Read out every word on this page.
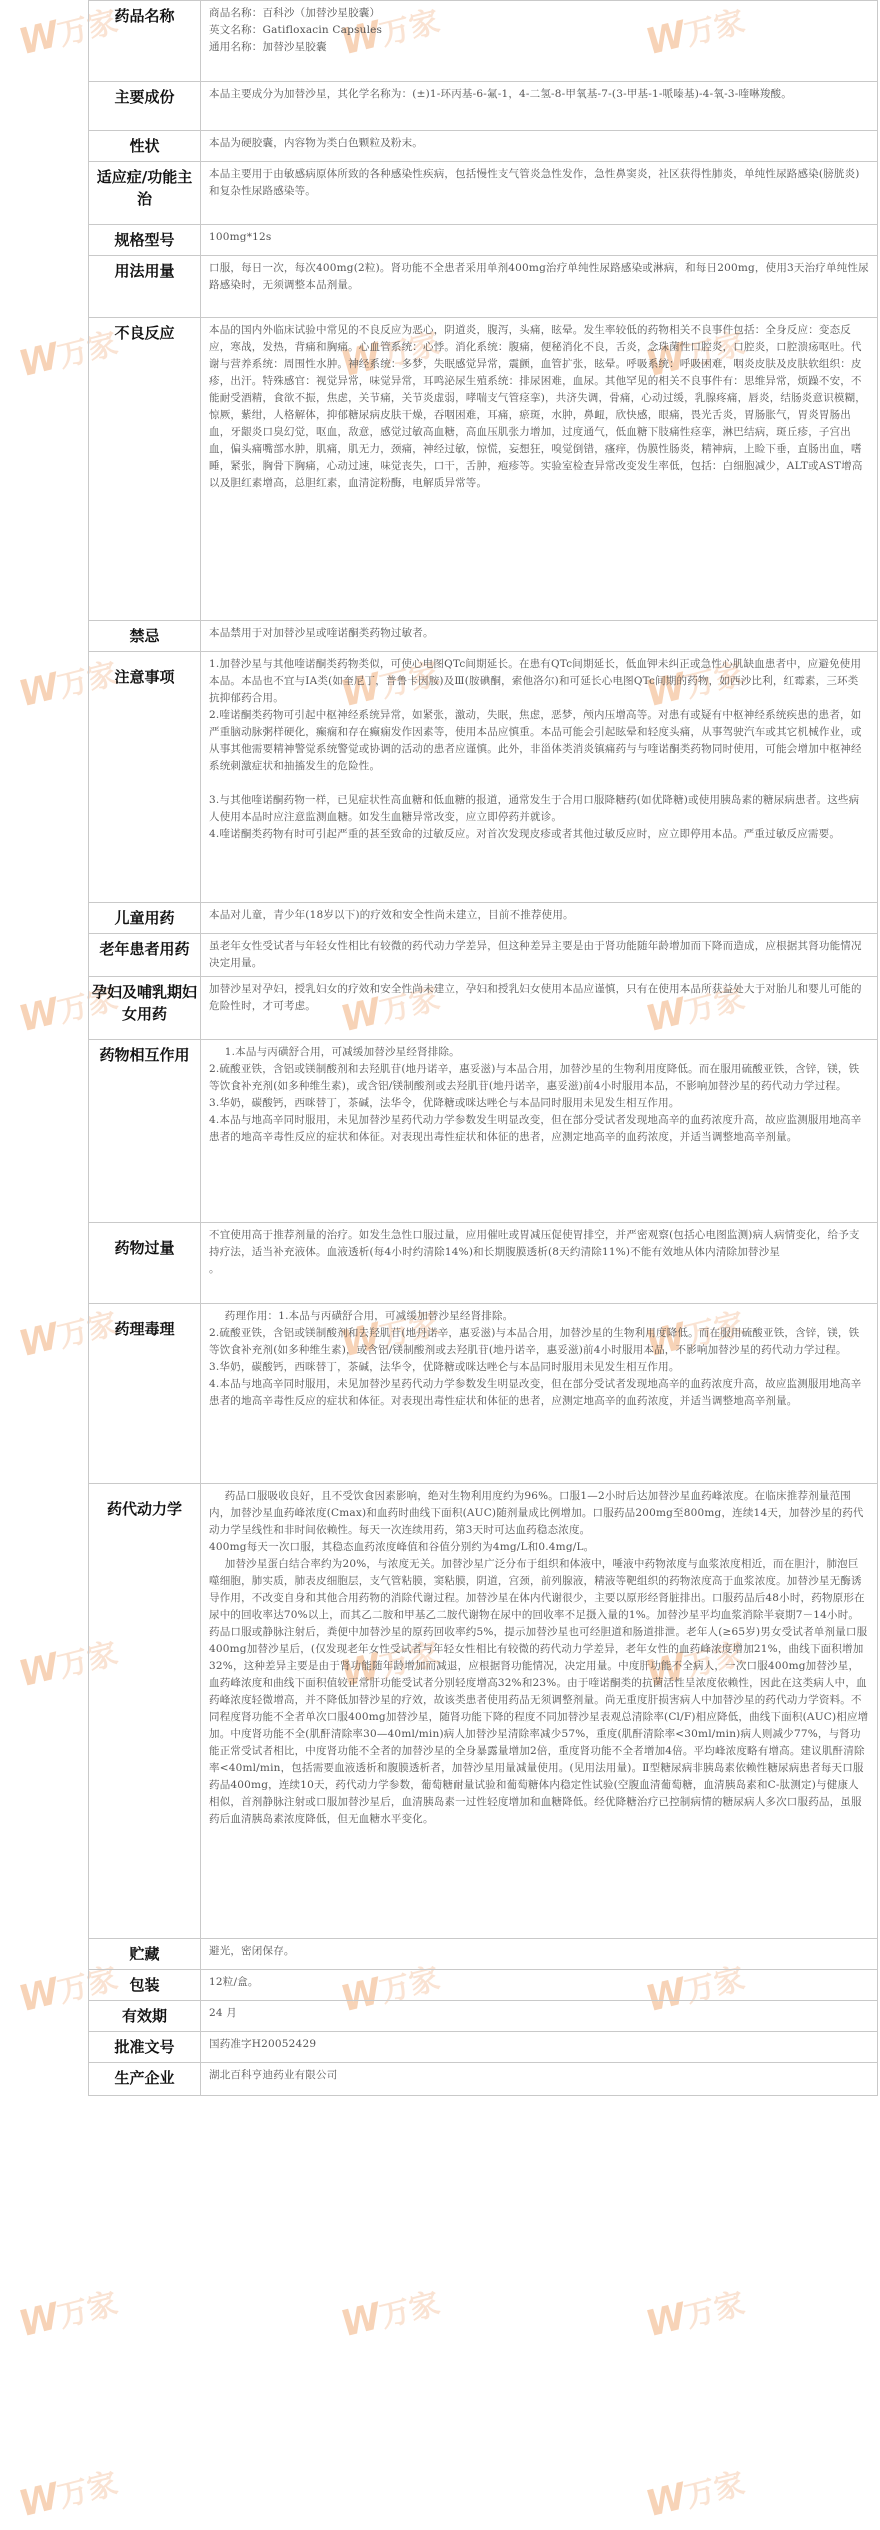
W万家	W万家	W万家
W万家	W万家	W万家
W万家	W万家	W万家
W万家	W万家	W万家
W万家	W万家	W万家
W万家	W万家	W万家
W万家	W万家	W万家
W万家	W万家	W万家
W万家	W万家
药品名称	商品名称：百科沙（加替沙星胶囊）

英文名称：Gatifloxacin Capsules

通用名称：加替沙星胶囊

主要成份	本品主要成分为加替沙星，其化学名称为：(±)1-环丙基-6-氟-1，4-二氢-8-甲氧基-7-(3-甲基-1-哌嗪基)-4-氧-3-喹啉羧酸。

性状	本品为硬胶囊，内容物为类白色颗粒及粉末。

适应症/功能主治	本品主要用于由敏感病原体所致的各种感染性疾病，包括慢性支气管炎急性发作，急性鼻窦炎，社区获得性肺炎，单纯性尿路感染(膀胱炎)和复杂性尿路感染等。

规格型号	100mg*12s

用法用量	口服，每日一次，每次400mg(2粒)。肾功能不全患者采用单剂400mg治疗单纯性尿路感染或淋病，和每日200mg，使用3天治疗单纯性尿路感染时，无须调整本品剂量。

不良反应	本品的国内外临床试验中常见的不良反应为恶心，阴道炎，腹泻，头痛，眩晕。发生率较低的药物相关不良事件包括：全身反应：变态反应，寒战，发热，背痛和胸痛。心血管系统：心悸。消化系统：腹痛，便秘消化不良，舌炎，念珠菌性口腔炎，口腔炎，口腔溃疡呕吐。代谢与营养系统：周围性水肿。神经系统：多梦，失眠感觉异常，震颤，血管扩张，眩晕。呼吸系统：呼吸困难，咽炎皮肤及皮肤软组织：皮疹，出汗。特殊感官：视觉异常，味觉异常，耳鸣泌尿生殖系统：排尿困难，血尿。其他罕见的相关不良事件有：思维异常，烦躁不安，不能耐受酒精，食欲不振，焦虑，关节痛，关节炎虚弱，哮喘支气管痉挛)，共济失调，骨痛，心动过缓，乳腺疼痛，唇炎，结肠炎意识模糊，惊厥，紫绀，人格解体，抑郁糖尿病皮肤干燥，吞咽困难，耳痛，瘀斑，水肿，鼻衄，欣快感，眼痛，畏光舌炎，胃肠胀气，胃炎胃肠出血，牙龈炎口臭幻觉，呕血，敌意，感觉过敏高血糖，高血压肌张力增加，过度通气，低血糖下肢痛性痉挛，淋巴结病，斑丘疹，子宫出血，偏头痛嘴部水肿，肌痛，肌无力，颈痛，神经过敏，惊慌，妄想狂，嗅觉倒错，瘙痒，伪膜性肠炎，精神病，上睑下垂，直肠出血，嗜睡，紧张，胸骨下胸痛，心动过速，味觉丧失，口干，舌肿，疱疹等。实验室检查异常改变发生率低，包括：白细胞减少，ALT或AST增高以及胆红素增高，总胆红素，血清淀粉酶，电解质异常等。

禁忌	本品禁用于对加替沙星或喹诺酮类药物过敏者。

注意事项	1.加替沙星与其他喹诺酮类药物类似，可使心电图QTc间期延长。在患有QTc间期延长，低血钾未纠正或急性心肌缺血患者中，应避免使用本品。本品也不宜与IA类(如奎尼丁，普鲁卡因胺)及Ⅲ(胺碘酮，索他洛尔)和可延长心电图QTc间期的药物，如西沙比利，红霉素，三环类抗抑郁药合用。

2.喹诺酮类药物可引起中枢神经系统异常，如紧张，激动，失眠，焦虑，恶梦，颅内压增高等。对患有或疑有中枢神经系统疾患的患者，如严重脑动脉粥样硬化，癫痫和存在癫痫发作因素等，使用本品应慎重。本品可能会引起眩晕和轻度头痛，从事驾驶汽车或其它机械作业，或从事其他需要精神警觉系统警觉或协调的活动的患者应谨慎。此外，非甾体类消炎镇痛药与与喹诺酮类药物同时使用，可能会增加中枢神经系统刺激症状和抽搐发生的危险性。

3.与其他喹诺酮药物一样，已见症状性高血糖和低血糖的报道，通常发生于合用口服降糖药(如优降糖)或使用胰岛素的糖尿病患者。这些病人使用本品时应注意监测血糖。如发生血糖异常改变，应立即停药并就诊。

4.喹诺酮类药物有时可引起严重的甚至致命的过敏反应。对首次发现皮疹或者其他过敏反应时，应立即停用本品。严重过敏反应需要。

儿童用药	本品对儿童，青少年(18岁以下)的疗效和安全性尚未建立，目前不推荐使用。

老年患者用药	虽老年女性受试者与年轻女性相比有较微的药代动力学差异，但这种差异主要是由于肾功能随年龄增加而下降而造成，应根据其肾功能情况决定用量。

孕妇及哺乳期妇女用药	加替沙星对孕妇，授乳妇女的疗效和安全性尚未建立，孕妇和授乳妇女使用本品应谨慎，只有在使用本品所获益处大于对胎儿和婴儿可能的危险性时，才可考虑。

药物相互作用	1.本品与丙磺舒合用，可减缓加替沙星经肾排除。

2.硫酸亚铁，含铝或镁制酸剂和去羟肌苷(地丹诺辛，惠妥滋)与本品合用，加替沙星的生物利用度降低。而在服用硫酸亚铁，含锌，镁，铁等饮食补充剂(如多种维生素)，或含铝/镁制酸剂或去羟肌苷(地丹诺辛，惠妥滋)前4小时服用本品，不影响加替沙星的药代动力学过程。

3.华奶，碳酸钙，西咪替丁，茶碱，法华令，优降糖或咪达唑仑与本品同时服用未见发生相互作用。

4.本品与地高辛同时服用，未见加替沙星药代动力学参数发生明显改变，但在部分受试者发现地高辛的血药浓度升高，故应监测服用地高辛患者的地高辛毒性反应的症状和体征。对表现出毒性症状和体征的患者，应测定地高辛的血药浓度，并适当调整地高辛剂量。

药物过量	不宜使用高于推荐剂量的治疗。如发生急性口服过量，应用催吐或胃减压促使胃排空，并严密观察(包括心电图监测)病人病情变化，给予支持疗法，适当补充液体。血液透析(每4小时约清除14%)和长期腹膜透析(8天约清除11%)不能有效地从体内清除加替沙星

。

药理毒理	药理作用：1.本品与丙磺舒合用，可减缓加替沙星经肾排除。

2.硫酸亚铁，含铝或镁制酸剂和去羟肌苷(地丹诺辛，惠妥滋)与本品合用，加替沙星的生物利用度降低。而在服用硫酸亚铁，含锌，镁，铁等饮食补充剂(如多种维生素)，或含铝/镁制酸剂或去羟肌苷(地丹诺辛，惠妥滋)前4小时服用本品，不影响加替沙星的药代动力学过程。

3.华奶，碳酸钙，西咪替丁，茶碱，法华令，优降糖或咪达唑仑与本品同时服用未见发生相互作用。

4.本品与地高辛同时服用，未见加替沙星药代动力学参数发生明显改变，但在部分受试者发现地高辛的血药浓度升高，故应监测服用地高辛患者的地高辛毒性反应的症状和体征。对表现出毒性症状和体征的患者，应测定地高辛的血药浓度，并适当调整地高辛剂量。

药代动力学	药品口服吸收良好，且不受饮食因素影响，绝对生物利用度约为96%。口服1—2小时后达加替沙星血药峰浓度。在临床推荐剂量范围内，加替沙星血药峰浓度(Cmax)和血药时曲线下面积(AUC)随剂量成比例增加。口服药品200mg至800mg，连续14天，加替沙星的药代动力学呈线性和非时间依赖性。每天一次连续用药，第3天时可达血药稳态浓度。

400mg每天一次口服，其稳态血药浓度峰值和谷值分别约为4mg/L和0.4mg/L。

加替沙星蛋白结合率约为20%，与浓度无关。加替沙星广泛分布于组织和体液中，唾液中药物浓度与血浆浓度相近，而在胆汁，肺泡巨噬细胞，肺实质，肺表皮细胞层，支气管粘膜，窦粘膜，阴道，宫颈，前列腺液，精液等靶组织的药物浓度高于血浆浓度。加替沙星无酶诱导作用，不改变自身和其他合用药物的消除代谢过程。加替沙星在体内代谢很少，主要以原形经肾脏排出。口服药品后48小时，药物原形在尿中的回收率达70%以上，而其乙二胺和甲基乙二胺代谢物在尿中的回收率不足摄入量的1%。加替沙星平均血浆消除半衰期7－14小时。药品口服或静脉注射后，粪便中加替沙星的原药回收率约5%，提示加替沙星也可经胆道和肠道排泄。老年人(≥65岁)男女受试者单剂量口服400mg加替沙星后，(仅发现老年女性受试者与年轻女性相比有较微的药代动力学差异，老年女性的血药峰浓度增加21%，曲线下面积增加32%，这种差异主要是由于肾功能随年龄增加而减退，应根据肾功能情况，决定用量。中度肝功能不全病人，一次口服400mg加替沙星，血药峰浓度和曲线下面积值较正常肝功能受试者分别轻度增高32%和23%。由于喹诺酮类的抗菌活性呈浓度依赖性，因此在这类病人中，血药峰浓度轻微增高，并不降低加替沙星的疗效，故该类患者使用药品无须调整剂量。尚无重度肝损害病人中加替沙星的药代动力学资料。不同程度肾功能不全者单次口服400mg加替沙星，随肾功能下降的程度不同加替沙星表观总清除率(Cl/F)相应降低，曲线下面积(AUC)相应增加。中度肾功能不全(肌酐清除率30—40ml/min)病人加替沙星清除率减少57%，重度(肌酐清除率<30ml/min)病人则减少77%，与肾功能正常受试者相比，中度肾功能不全者的加替沙星的全身暴露量增加2倍，重度肾功能不全者增加4倍。平均峰浓度略有增高。建议肌酐清除率<40ml/min，包括需要血液透析和腹膜透析者，加替沙星用量减量使用。(见用法用量)。Ⅱ型糖尿病非胰岛素依赖性糖尿病患者每天口服药品400mg，连续10天，药代动力学参数，葡萄糖耐量试验和葡萄糖体内稳定性试验(空腹血清葡萄糖，血清胰岛素和C-肽测定)与健康人相似，首剂静脉注射或口服加替沙星后，血清胰岛素一过性轻度增加和血糖降低。经优降糖治疗已控制病情的糖尿病人多次口服药品，虽服药后血清胰岛素浓度降低，但无血糖水平变化。

贮藏	避光，密闭保存。

包装	12粒/盒。

有效期	24 月

批准文号	国药准字H20052429

生产企业	湖北百科亨迪药业有限公司
